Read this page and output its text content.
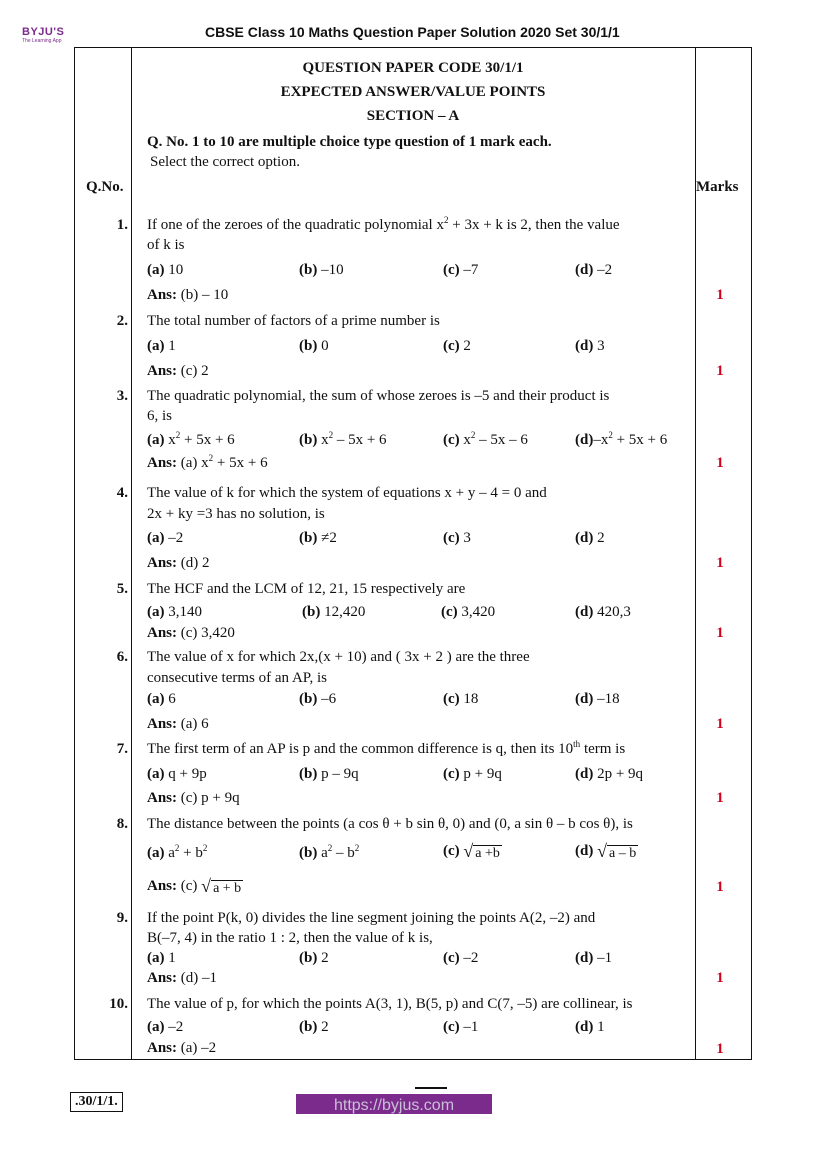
BYJU'S
The Learning App
CBSE Class 10 Maths Question Paper Solution 2020 Set 30/1/1
QUESTION PAPER CODE 30/1/1
EXPECTED ANSWER/VALUE POINTS
SECTION – A
Q. No. 1 to 10 are multiple choice type question of 1 mark each.
Select the correct option.
Q.No.	Marks
1. If one of the zeroes of the quadratic polynomial $x^2 + 3x + k$ is 2, then the value
of k is
(a) 10	(b) –10	(c) –7	(d) –2
Ans: (b) – 10	1
2. The total number of factors of a prime number is
(a) 1	(b) 0	(c) 2	(d) 3
Ans: (c) 2	1
3. The quadratic polynomial, the sum of whose zeroes is –5 and their product is
6, is
(a) $x^2 + 5x + 6$	(b) $x^2 - 5x + 6$	(c) $x^2 - 5x - 6$	$(d)-x^2 + 5x + 6$
Ans: (a) $x^2 + 5x + 6$	1
4. The value of k for which the system of equations x + y – 4 = 0 and
2x + ky =3 has no solution, is
(a) –2	(b) ≠2	(c) 3	(d) 2
Ans: (d) 2	1
5. The HCF and the LCM of 12, 21, 15 respectively are
(a) 3,140	(b) 12,420	(c) 3,420	(d) 420,3
Ans: (c) 3,420	1
6. The value of x for which 2x,(x + 10) and ( 3x + 2 ) are the three
consecutive terms of an AP, is
(a) 6	(b) –6	(c) 18	(d) –18
Ans: (a) 6	1
7. The first term of an AP is p and the common difference is q, then its 10th term is
(a) q + 9p	(b) p – 9q	(c) p + 9q	(d) 2p + 9q
Ans: (c) p + 9q	1
8. The distance between the points (a cos θ + b sin θ, 0) and (0, a sin θ – b cos θ), is
(a) $a^2 + b^2$	(b) $a^2 - b^2$	(c) √ a +b	(d) √ a – b
Ans: (c) √ a + b	1
9. If the point P(k, 0) divides the line segment joining the points A(2, –2) and
B(–7, 4) in the ratio 1 : 2, then the value of k is,
(a) 1	(b) 2	(c) –2	(d) –1
Ans: (d) –1	1
10. The value of p, for which the points A(3, 1), B(5, p) and C(7, –5) are collinear, is
(a) –2	(b) 2	(c) –1	(d) 1
Ans: (a) –2	1
.30/1/1.	https://byjus.com
